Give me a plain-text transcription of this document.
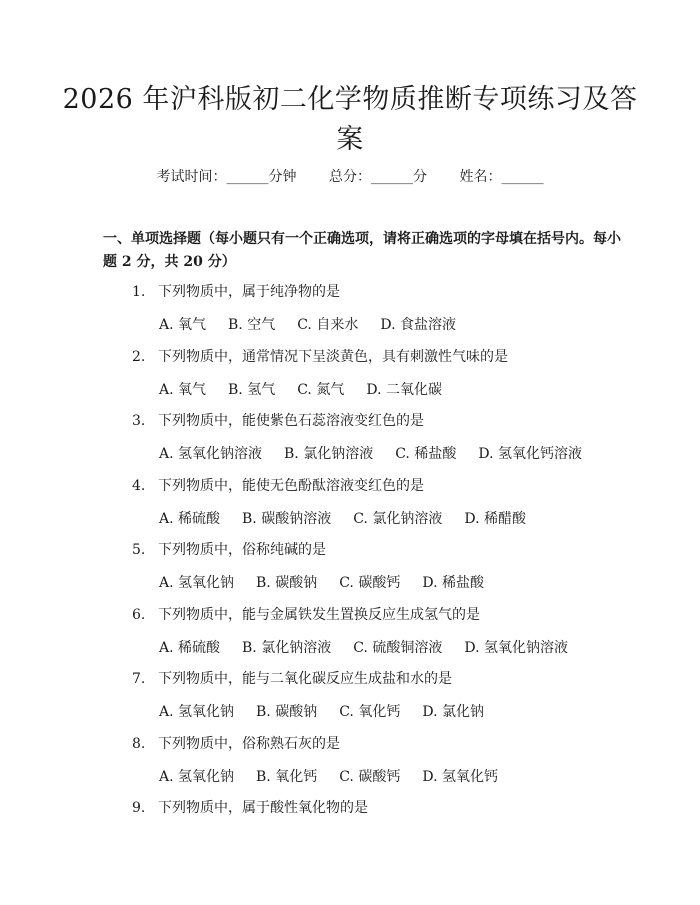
2026 年沪科版初二化学物质推断专项练习及答案
考试时间：______分钟 总分：______分 姓名：______
一、单项选择题（每小题只有一个正确选项，请将正确选项的字母填在括号内。每小题 2 分，共 20 分）
1. 下列物质中，属于纯净物的是
A. 氧气 B. 空气 C. 自来水 D. 食盐溶液
2. 下列物质中，通常情况下呈淡黄色，具有刺激性气味的是
A. 氧气 B. 氢气 C. 氮气 D. 二氧化碳
3. 下列物质中，能使紫色石蕊溶液变红色的是
A. 氢氧化钠溶液 B. 氯化钠溶液 C. 稀盐酸 D. 氢氧化钙溶液
4. 下列物质中，能使无色酚酞溶液变红色的是
A. 稀硫酸 B. 碳酸钠溶液 C. 氯化钠溶液 D. 稀醋酸
5. 下列物质中，俗称纯碱的是
A. 氢氧化钠 B. 碳酸钠 C. 碳酸钙 D. 稀盐酸
6. 下列物质中，能与金属铁发生置换反应生成氢气的是
A. 稀硫酸 B. 氯化钠溶液 C. 硫酸铜溶液 D. 氢氧化钠溶液
7. 下列物质中，能与二氧化碳反应生成盐和水的是
A. 氢氧化钠 B. 碳酸钠 C. 氧化钙 D. 氯化钠
8. 下列物质中，俗称熟石灰的是
A. 氢氧化钠 B. 氧化钙 C. 碳酸钙 D. 氢氧化钙
9. 下列物质中，属于酸性氧化物的是
